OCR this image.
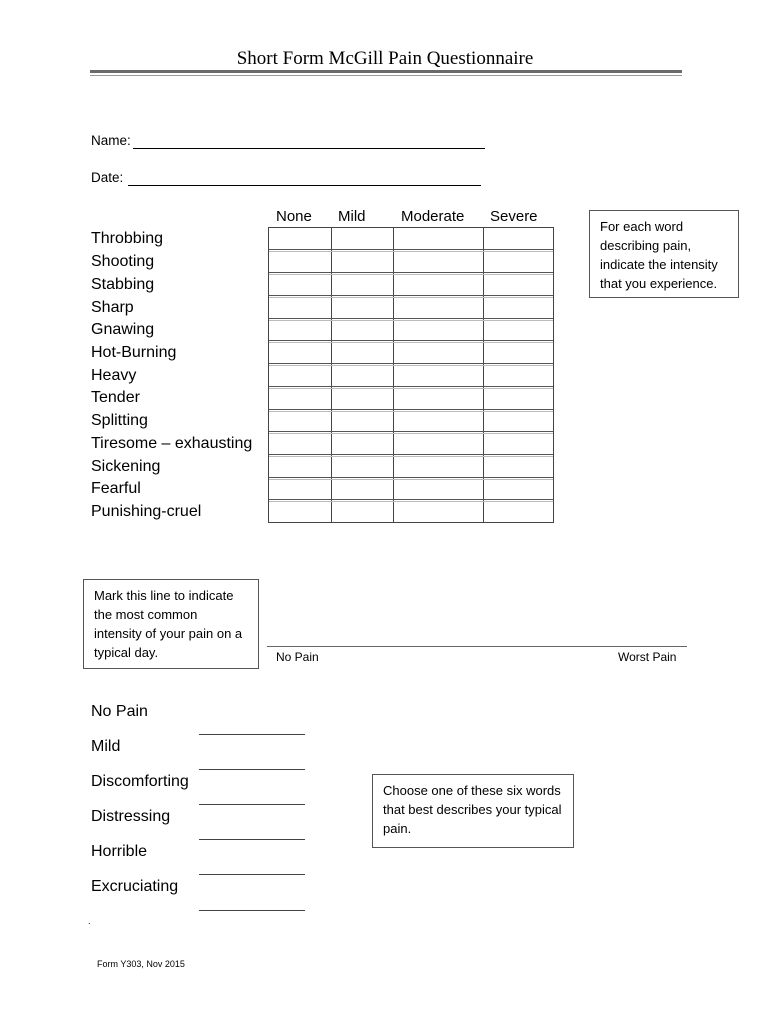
Short Form McGill Pain Questionnaire
Name:
Date:
None Mild Moderate Severe
Throbbing
Shooting
Stabbing
Sharp
Gnawing
Hot-Burning
Heavy
Tender
Splitting
Tiresome – exhausting
Sickening
Fearful
Punishing-cruel
For each word describing pain, indicate the intensity that you experience.
Mark this line to indicate the most common intensity of your pain on a typical day.	No Pain	Worst Pain
No Pain
Mild
Discomforting
Distressing
Horrible
Excruciating
Choose one of these six words that best describes your typical pain.
.
Form Y303, Nov 2015
